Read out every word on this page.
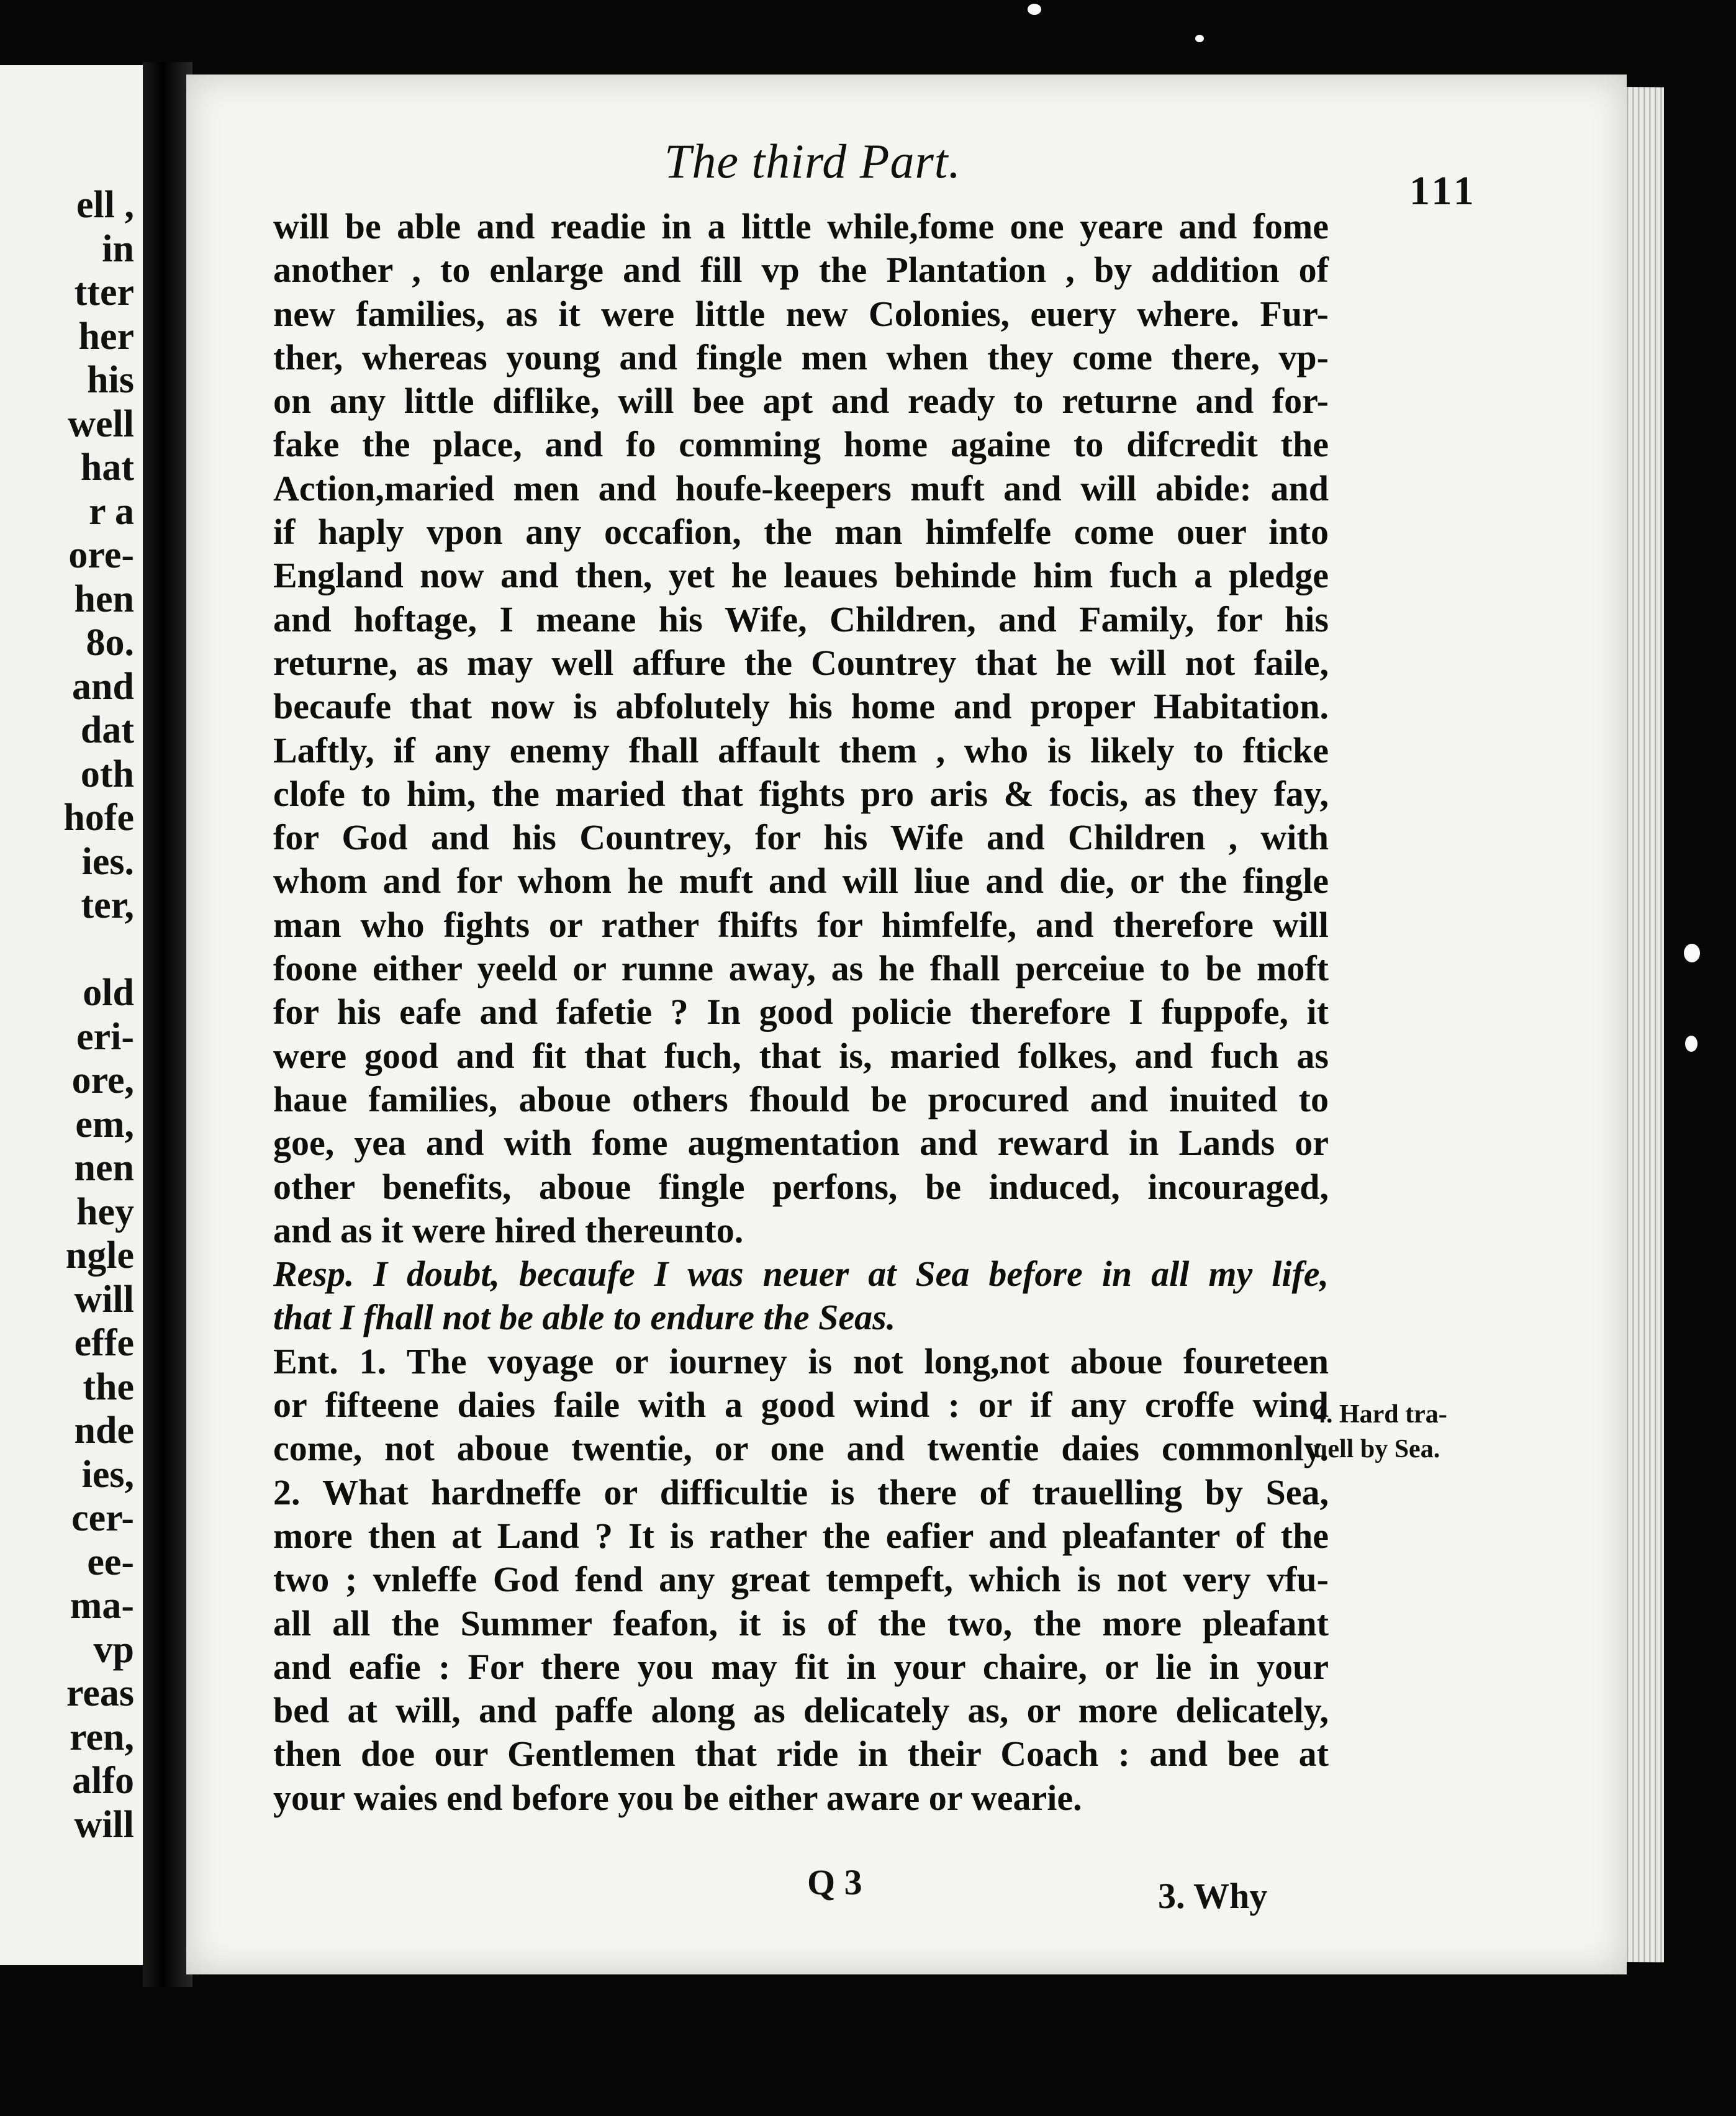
ell ,
in
tter
her
his
well
hat
r a
ore-
hen
8o.
and
dat
oth
hofe
ies.
ter,

old
eri-
ore,
em,
nen
hey
ngle
will
effe
the
nde
ies,
cer-
ee-
ma-
vp
reas
ren,
alfo
will
The third Part.
111
will be able and readie in a little while,fome one yeare and fome
another , to enlarge and fill vp the Plantation , by addition of
new families, as it were little new Colonies, euery where. Fur-
ther, whereas young and fingle men when they come there, vp-
on any little diflike, will bee apt and ready to returne and for-
fake the place, and fo comming home againe to difcredit the
Action,maried men and houfe-keepers muft and will abide: and
if haply vpon any occafion, the man himfelfe come ouer into
England now and then, yet he leaues behinde him fuch a pledge
and hoftage, I meane his Wife, Children, and Family, for his
returne, as may well affure the Countrey that he will not faile,
becaufe that now is abfolutely his home and proper Habitation.
Laftly, if any enemy fhall affault them , who is likely to fticke
clofe to him, the maried that fights pro aris & focis, as they fay,
for God and his Countrey, for his Wife and Children , with
whom and for whom he muft and will liue and die, or the fingle
man who fights or rather fhifts for himfelfe, and therefore will
foone either yeeld or runne away, as he fhall perceiue to be moft
for his eafe and fafetie ? In good policie therefore I fuppofe, it
were good and fit that fuch, that is, maried folkes, and fuch as
haue families, aboue others fhould be procured and inuited to
goe, yea and with fome augmentation and reward in Lands or
other benefits, aboue fingle perfons, be induced, incouraged,
and as it were hired thereunto.
Resp. I doubt, becaufe I was neuer at Sea before in all my life,
that I fhall not be able to endure the Seas.
Ent. 1. The voyage or iourney is not long,not aboue foureteen
or fifteene daies faile with a good wind : or if any croffe wind
come, not aboue twentie, or one and twentie daies commonly.
2. What hardneffe or difficultie is there of trauelling by Sea,
more then at Land ? It is rather the eafier and pleafanter of the
two ; vnleffe God fend any great tempeft, which is not very vfu-
all all the Summer feafon, it is of the two, the more pleafant
and eafie : For there you may fit in your chaire, or lie in your
bed at will, and paffe along as delicately as, or more delicately,
then doe our Gentlemen that ride in their Coach : and bee at
your waies end before you be either aware or wearie.
4. Hard tra-
uell by Sea.
Q 3	3. Why
